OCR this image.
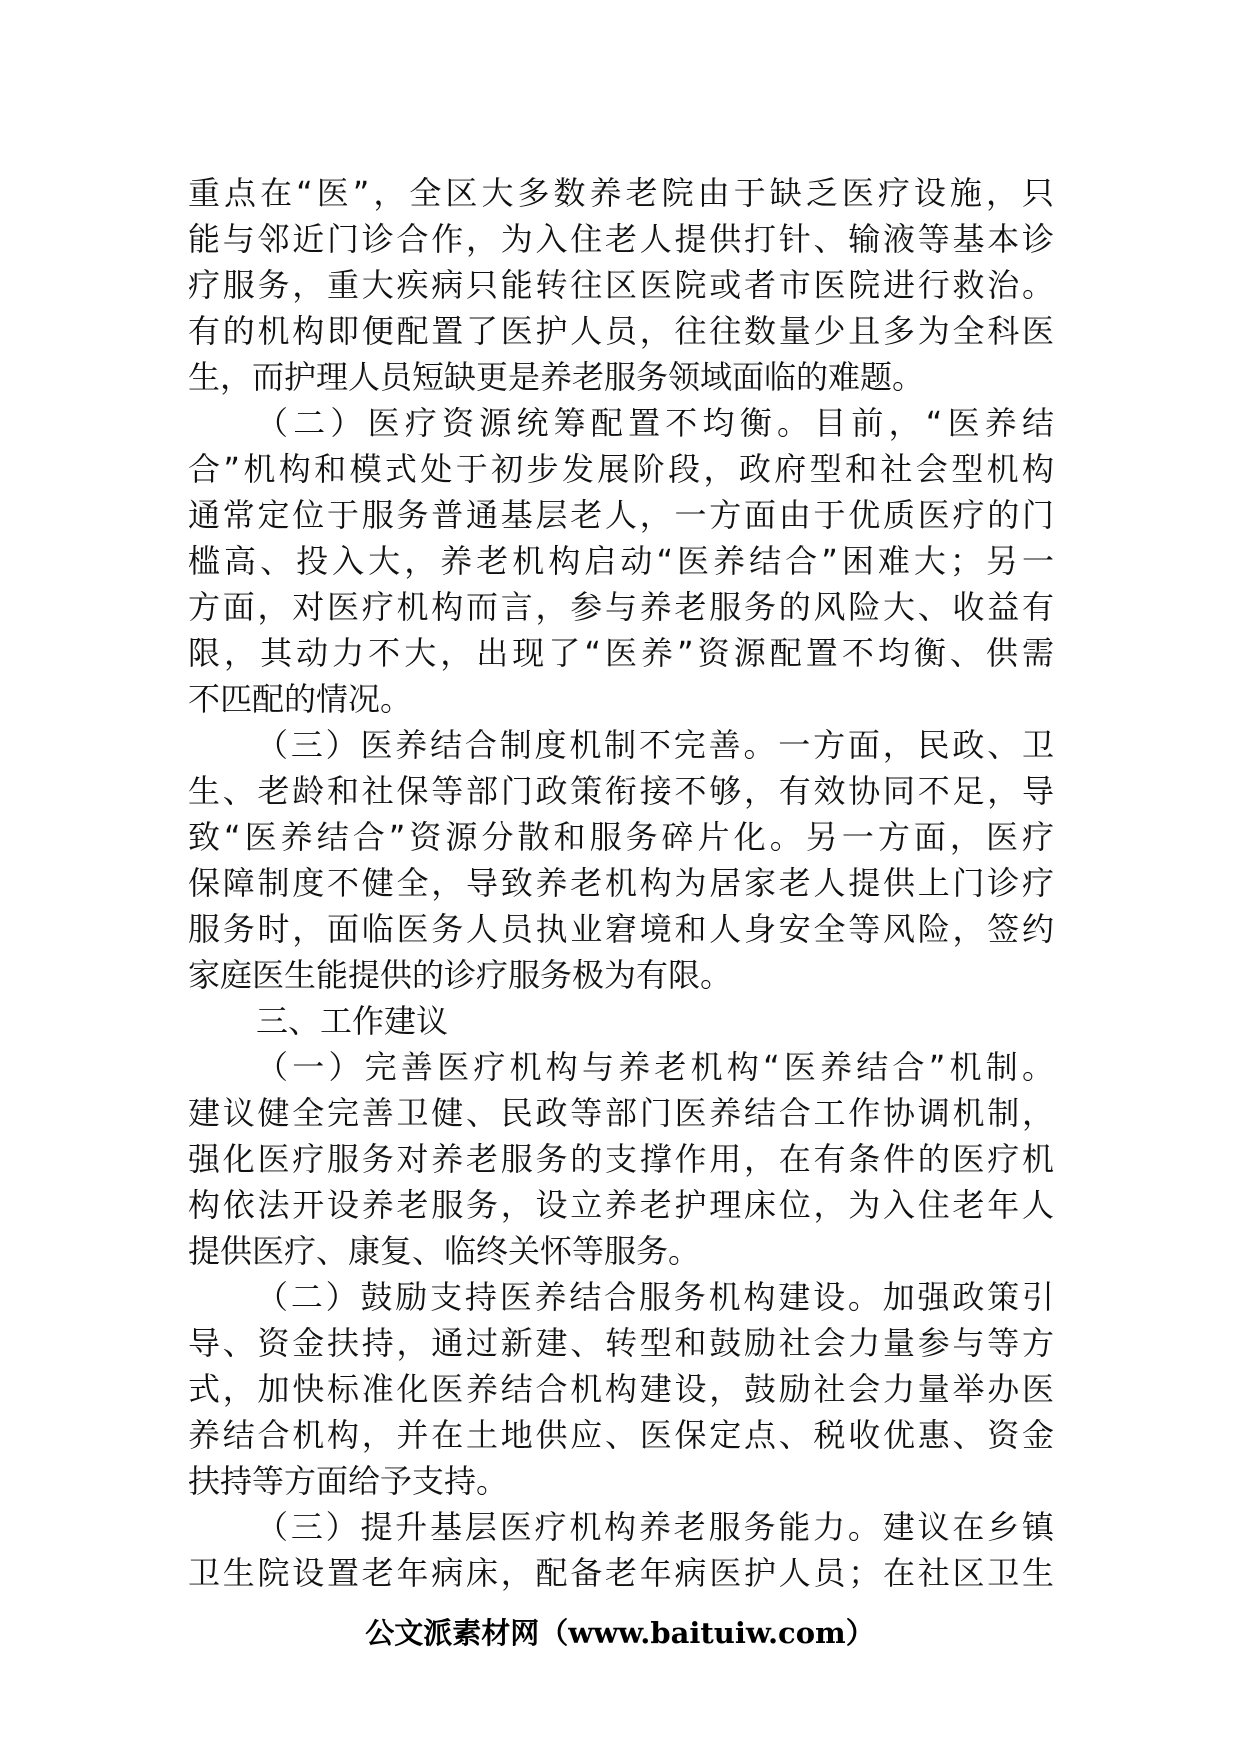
重点在“医”，全区大多数养老院由于缺乏医疗设施，只
能与邻近门诊合作，为入住老人提供打针、输液等基本诊
疗服务，重大疾病只能转往区医院或者市医院进行救治。
有的机构即便配置了医护人员，往往数量少且多为全科医
生，而护理人员短缺更是养老服务领域面临的难题。
（二）医疗资源统筹配置不均衡。目前，“医养结
合”机构和模式处于初步发展阶段，政府型和社会型机构
通常定位于服务普通基层老人，一方面由于优质医疗的门
槛高、投入大，养老机构启动“医养结合”困难大；另一
方面，对医疗机构而言，参与养老服务的风险大、收益有
限，其动力不大，出现了“医养”资源配置不均衡、供需
不匹配的情况。
（三）医养结合制度机制不完善。一方面，民政、卫
生、老龄和社保等部门政策衔接不够，有效协同不足，导
致“医养结合”资源分散和服务碎片化。另一方面，医疗
保障制度不健全，导致养老机构为居家老人提供上门诊疗
服务时，面临医务人员执业窘境和人身安全等风险，签约
家庭医生能提供的诊疗服务极为有限。
三、工作建议
（一）完善医疗机构与养老机构“医养结合”机制。
建议健全完善卫健、民政等部门医养结合工作协调机制，
强化医疗服务对养老服务的支撑作用，在有条件的医疗机
构依法开设养老服务，设立养老护理床位，为入住老年人
提供医疗、康复、临终关怀等服务。
（二）鼓励支持医养结合服务机构建设。加强政策引
导、资金扶持，通过新建、转型和鼓励社会力量参与等方
式，加快标准化医养结合机构建设，鼓励社会力量举办医
养结合机构，并在土地供应、医保定点、税收优惠、资金
扶持等方面给予支持。
（三）提升基层医疗机构养老服务能力。建议在乡镇
卫生院设置老年病床，配备老年病医护人员；在社区卫生
公文派素材网（www.baituiw.com）
